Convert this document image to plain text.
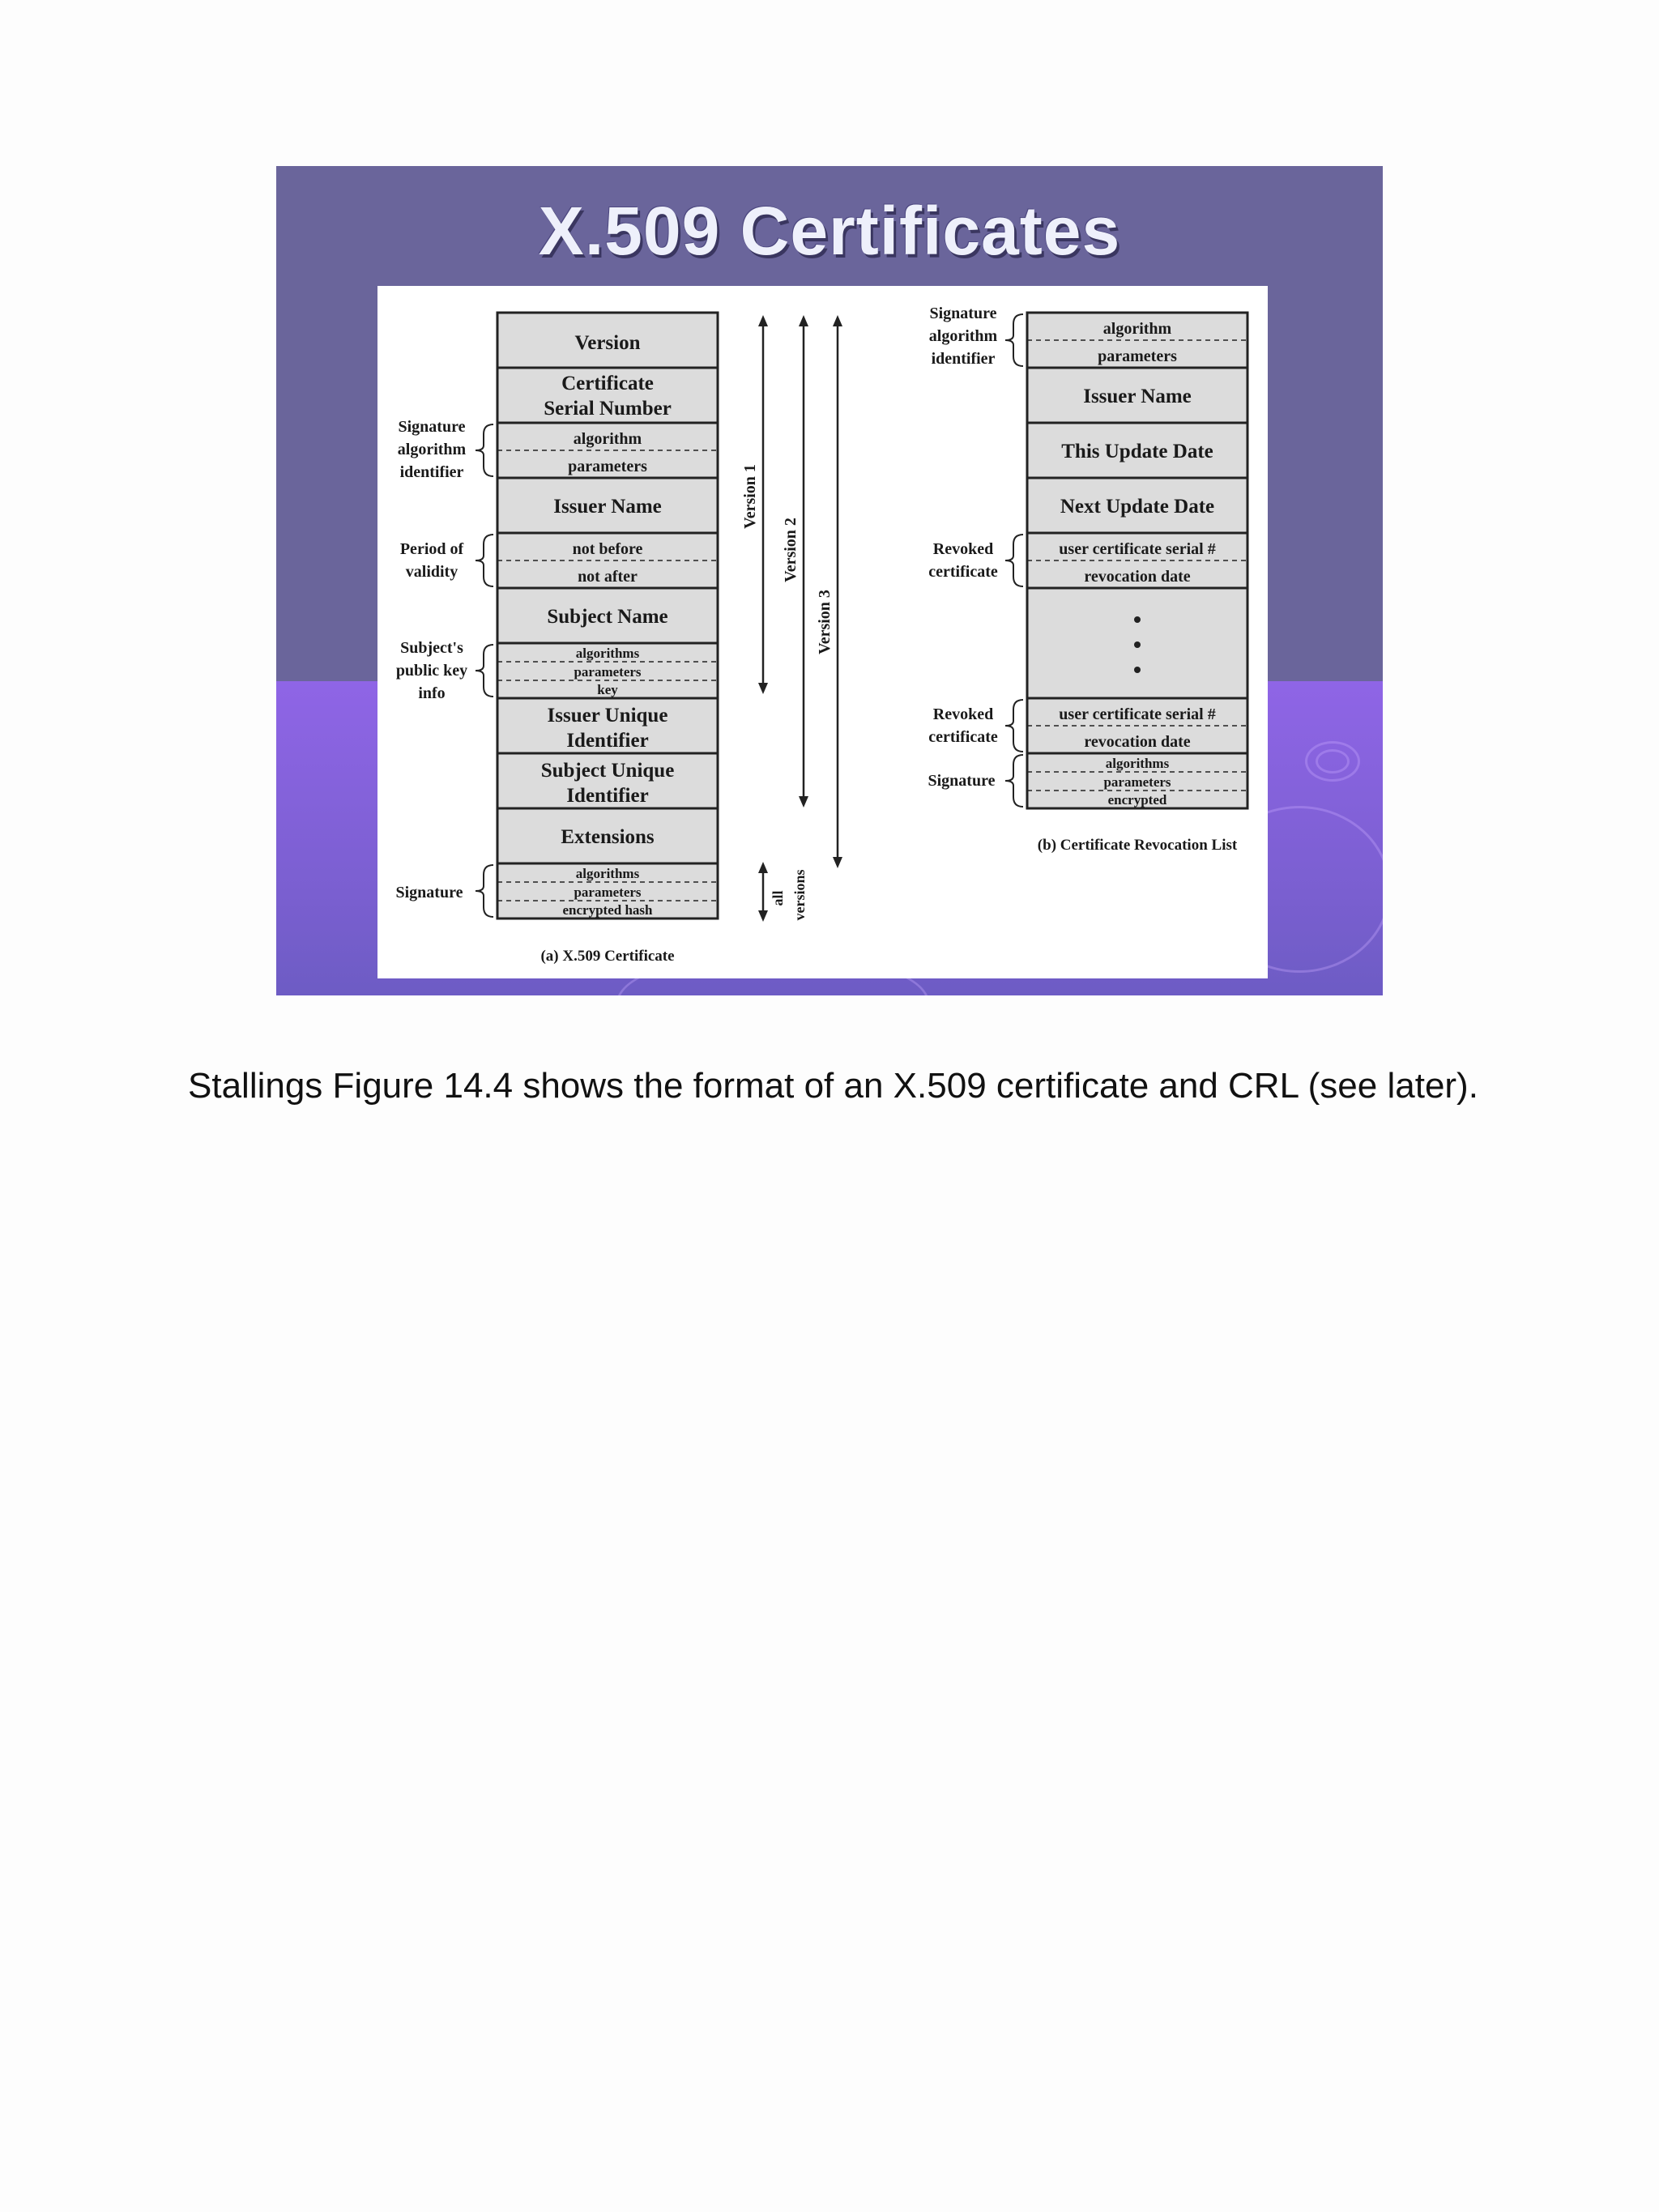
X.509 Certificates
Version
Certificate
Serial Number
algorithm
parameters
Issuer Name
not before
not after
Subject Name
algorithms
parameters
key
Issuer Unique
Identifier
Subject Unique
Identifier
Extensions
algorithms
parameters
encrypted hash
Signature
algorithm
identifier
Period of
validity
Subject's
public key
info
Signature
Version 1
Version 2
Version 3
all versions
(a) X.509 Certificate
algorithm
parameters
Issuer Name
This Update Date
Next Update Date
user certificate serial #
revocation date
user certificate serial #
revocation date
algorithms
parameters
encrypted
Signature
algorithm
identifier
Revoked
certificate
Revoked
certificate
Signature
(b) Certificate Revocation List
Stallings Figure 14.4 shows the format of an X.509 certificate and CRL (see later).
